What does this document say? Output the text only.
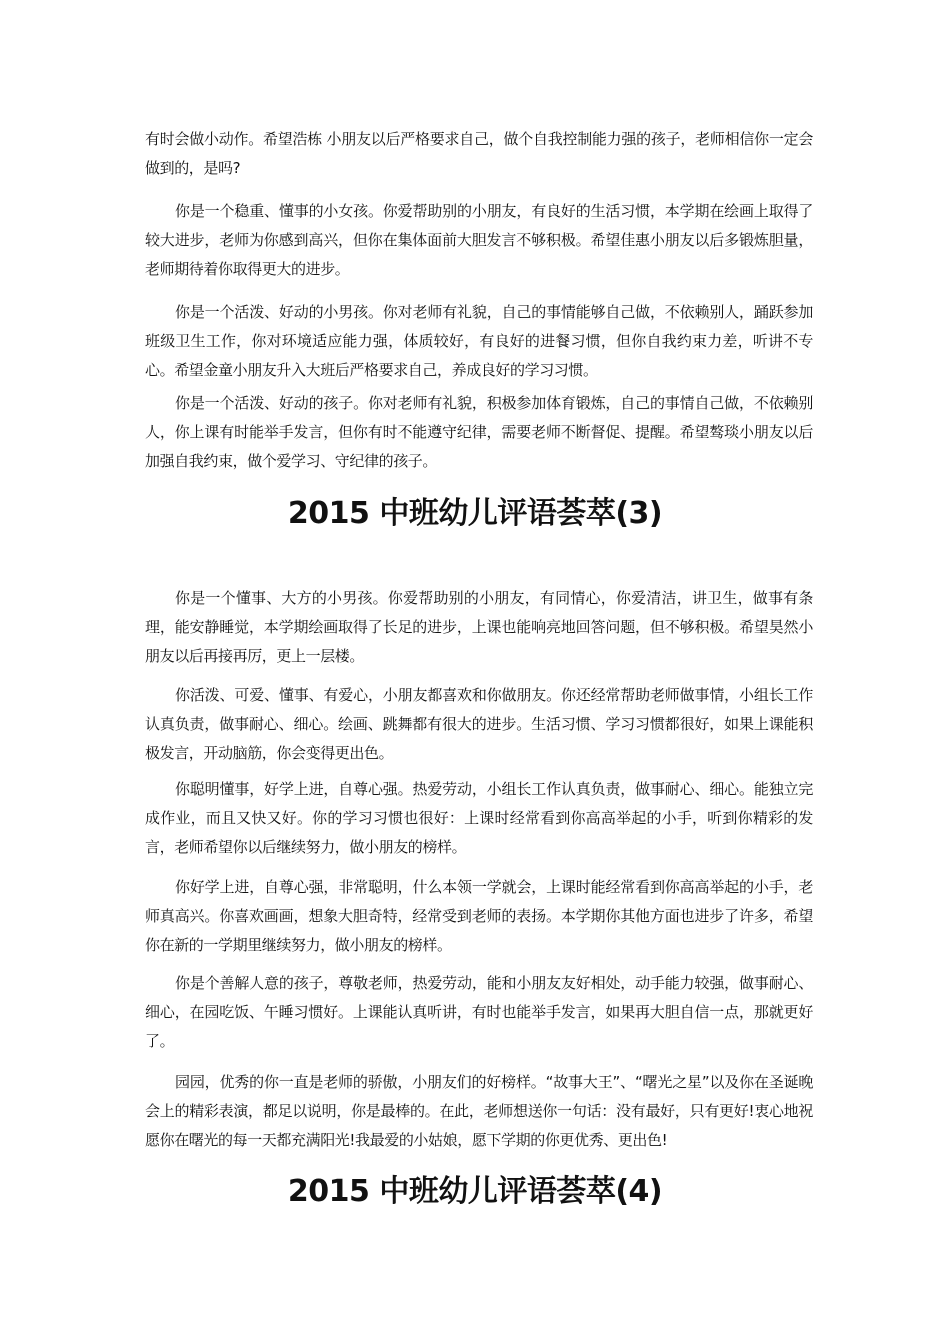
有时会做小动作。希望浩栋 小朋友以后严格要求自己，做个自我控制能力强的孩子，老师相信你一定会做到的，是吗?

你是一个稳重、懂事的小女孩。你爱帮助别的小朋友，有良好的生活习惯，本学期在绘画上取得了较大进步，老师为你感到高兴，但你在集体面前大胆发言不够积极。希望佳惠小朋友以后多锻炼胆量，老师期待着你取得更大的进步。

你是一个活泼、好动的小男孩。你对老师有礼貌，自己的事情能够自己做，不依赖别人，踊跃参加班级卫生工作，你对环境适应能力强，体质较好，有良好的进餐习惯，但你自我约束力差，听讲不专心。希望金童小朋友升入大班后严格要求自己，养成良好的学习习惯。

你是一个活泼、好动的孩子。你对老师有礼貌，积极参加体育锻炼，自己的事情自己做，不依赖别人，你上课有时能举手发言，但你有时不能遵守纪律，需要老师不断督促、提醒。希望骜琰小朋友以后加强自我约束，做个爱学习、守纪律的孩子。

2015 中班幼儿评语荟萃(3)

你是一个懂事、大方的小男孩。你爱帮助别的小朋友，有同情心，你爱清洁，讲卫生，做事有条理，能安静睡觉，本学期绘画取得了长足的进步，上课也能响亮地回答问题，但不够积极。希望昊然小朋友以后再接再厉，更上一层楼。

你活泼、可爱、懂事、有爱心，小朋友都喜欢和你做朋友。你还经常帮助老师做事情，小组长工作认真负责，做事耐心、细心。绘画、跳舞都有很大的进步。生活习惯、学习习惯都很好，如果上课能积极发言，开动脑筋，你会变得更出色。

你聪明懂事，好学上进，自尊心强。热爱劳动，小组长工作认真负责，做事耐心、细心。能独立完成作业，而且又快又好。你的学习习惯也很好：上课时经常看到你高高举起的小手，听到你精彩的发言，老师希望你以后继续努力，做小朋友的榜样。

你好学上进，自尊心强，非常聪明，什么本领一学就会，上课时能经常看到你高高举起的小手，老师真高兴。你喜欢画画，想象大胆奇特，经常受到老师的表扬。本学期你其他方面也进步了许多，希望你在新的一学期里继续努力，做小朋友的榜样。

你是个善解人意的孩子，尊敬老师，热爱劳动，能和小朋友友好相处，动手能力较强，做事耐心、细心，在园吃饭、午睡习惯好。上课能认真听讲，有时也能举手发言，如果再大胆自信一点，那就更好了。

园园，优秀的你一直是老师的骄傲，小朋友们的好榜样。“故事大王”、“曙光之星”以及你在圣诞晚会上的精彩表演，都足以说明，你是最棒的。在此，老师想送你一句话：没有最好，只有更好!衷心地祝愿你在曙光的每一天都充满阳光!我最爱的小姑娘，愿下学期的你更优秀、更出色!

2015 中班幼儿评语荟萃(4)
